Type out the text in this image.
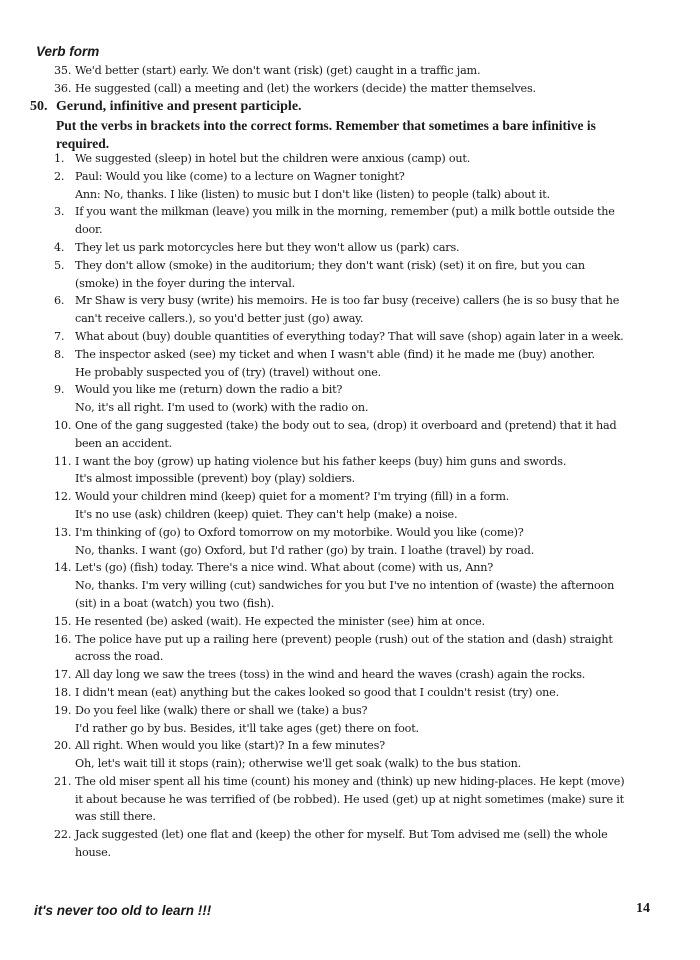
Verb form
35. We'd better (start) early. We don't want (risk) (get) caught in a traffic jam.
36. He suggested (call) a meeting and (let) the workers (decide) the matter themselves.
50. Gerund, infinitive and present participle.
Put the verbs in brackets into the correct forms. Remember that sometimes a bare infinitive is
required.
1. We suggested (sleep) in hotel but the children were anxious (camp) out.
2. Paul: Would you like (come) to a lecture on Wagner tonight?
Ann: No, thanks. I like (listen) to music but I don't like (listen) to people (talk) about it.
3. If you want the milkman (leave) you milk in the morning, remember (put) a milk bottle outside the
door.
4. They let us park motorcycles here but they won't allow us (park) cars.
5. They don't allow (smoke) in the auditorium; they don't want (risk) (set) it on fire, but you can
(smoke) in the foyer during the interval.
6. Mr Shaw is very busy (write) his memoirs. He is too far busy (receive) callers (he is so busy that he
can't receive callers.), so you'd better just (go) away.
7. What about (buy) double quantities of everything today? That will save (shop) again later in a week.
8. The inspector asked (see) my ticket and when I wasn't able (find) it he made me (buy) another.
He probably suspected you of (try) (travel) without one.
9. Would you like me (return) down the radio a bit?
No, it's all right. I'm used to (work) with the radio on.
10. One of the gang suggested (take) the body out to sea, (drop) it overboard and (pretend) that it had
been an accident.
11. I want the boy (grow) up hating violence but his father keeps (buy) him guns and swords.
It's almost impossible (prevent) boy (play) soldiers.
12. Would your children mind (keep) quiet for a moment? I'm trying (fill) in a form.
It's no use (ask) children (keep) quiet. They can't help (make) a noise.
13. I'm thinking of (go) to Oxford tomorrow on my motorbike. Would you like (come)?
No, thanks. I want (go) Oxford, but I'd rather (go) by train. I loathe (travel) by road.
14. Let's (go) (fish) today. There's a nice wind. What about (come) with us, Ann?
No, thanks. I'm very willing (cut) sandwiches for you but I've no intention of (waste) the afternoon
(sit) in a boat (watch) you two (fish).
15. He resented (be) asked (wait). He expected the minister (see) him at once.
16. The police have put up a railing here (prevent) people (rush) out of the station and (dash) straight
across the road.
17. All day long we saw the trees (toss) in the wind and heard the waves (crash) again the rocks.
18. I didn't mean (eat) anything but the cakes looked so good that I couldn't resist (try) one.
19. Do you feel like (walk) there or shall we (take) a bus?
I'd rather go by bus. Besides, it'll take ages (get) there on foot.
20. All right. When would you like (start)? In a few minutes?
Oh, let's wait till it stops (rain); otherwise we'll get soak (walk) to the bus station.
21. The old miser spent all his time (count) his money and (think) up new hiding-places. He kept (move)
it about because he was terrified of (be robbed). He used (get) up at night sometimes (make) sure it
was still there.
22. Jack suggested (let) one flat and (keep) the other for myself. But Tom advised me (sell) the whole
house.
it's never too old to learn !!!	14
